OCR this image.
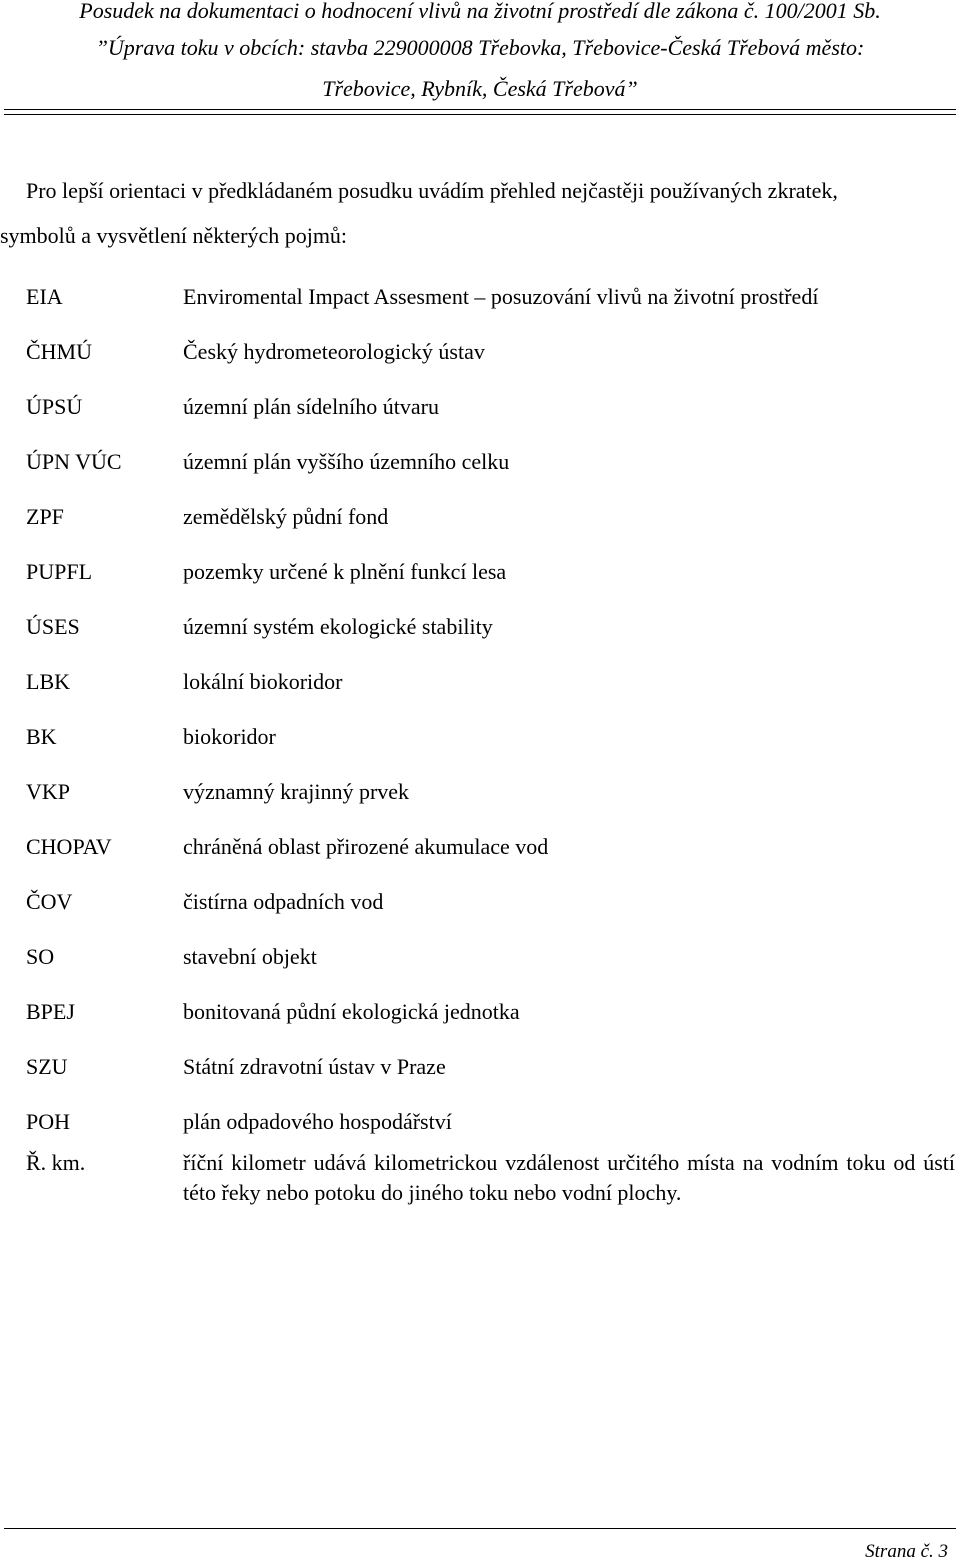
Posudek na dokumentaci o hodnocení vlivů na životní prostředí dle zákona č. 100/2001 Sb.
”Úprava toku v obcích: stavba 229000008 Třebovka, Třebovice-Česká Třebová město:
Třebovice, Rybník, Česká Třebová”
Pro lepší orientaci v předkládaném posudku uvádím přehled nejčastěji používaných zkratek,
symbolů a vysvětlení některých pojmů:
EIA	Enviromental Impact Assesment – posuzování vlivů na životní prostředí
ČHMÚ	Český hydrometeorologický ústav
ÚPSÚ	územní plán sídelního útvaru
ÚPN VÚC	územní plán vyššího územního celku
ZPF	zemědělský půdní fond
PUPFL	pozemky určené k plnění funkcí lesa
ÚSES	územní systém ekologické stability
LBK	lokální biokoridor
BK	biokoridor
VKP	významný krajinný prvek
CHOPAV	chráněná oblast přirozené akumulace vod
ČOV	čistírna odpadních vod
SO	stavební objekt
BPEJ	bonitovaná půdní ekologická jednotka
SZU	Státní zdravotní ústav v Praze
POH	plán odpadového hospodářství
Ř. km.	říční kilometr udává kilometrickou vzdálenost určitého místa na vodním toku od ústí této řeky nebo potoku do jiného toku nebo vodní plochy.
Strana č. 3
